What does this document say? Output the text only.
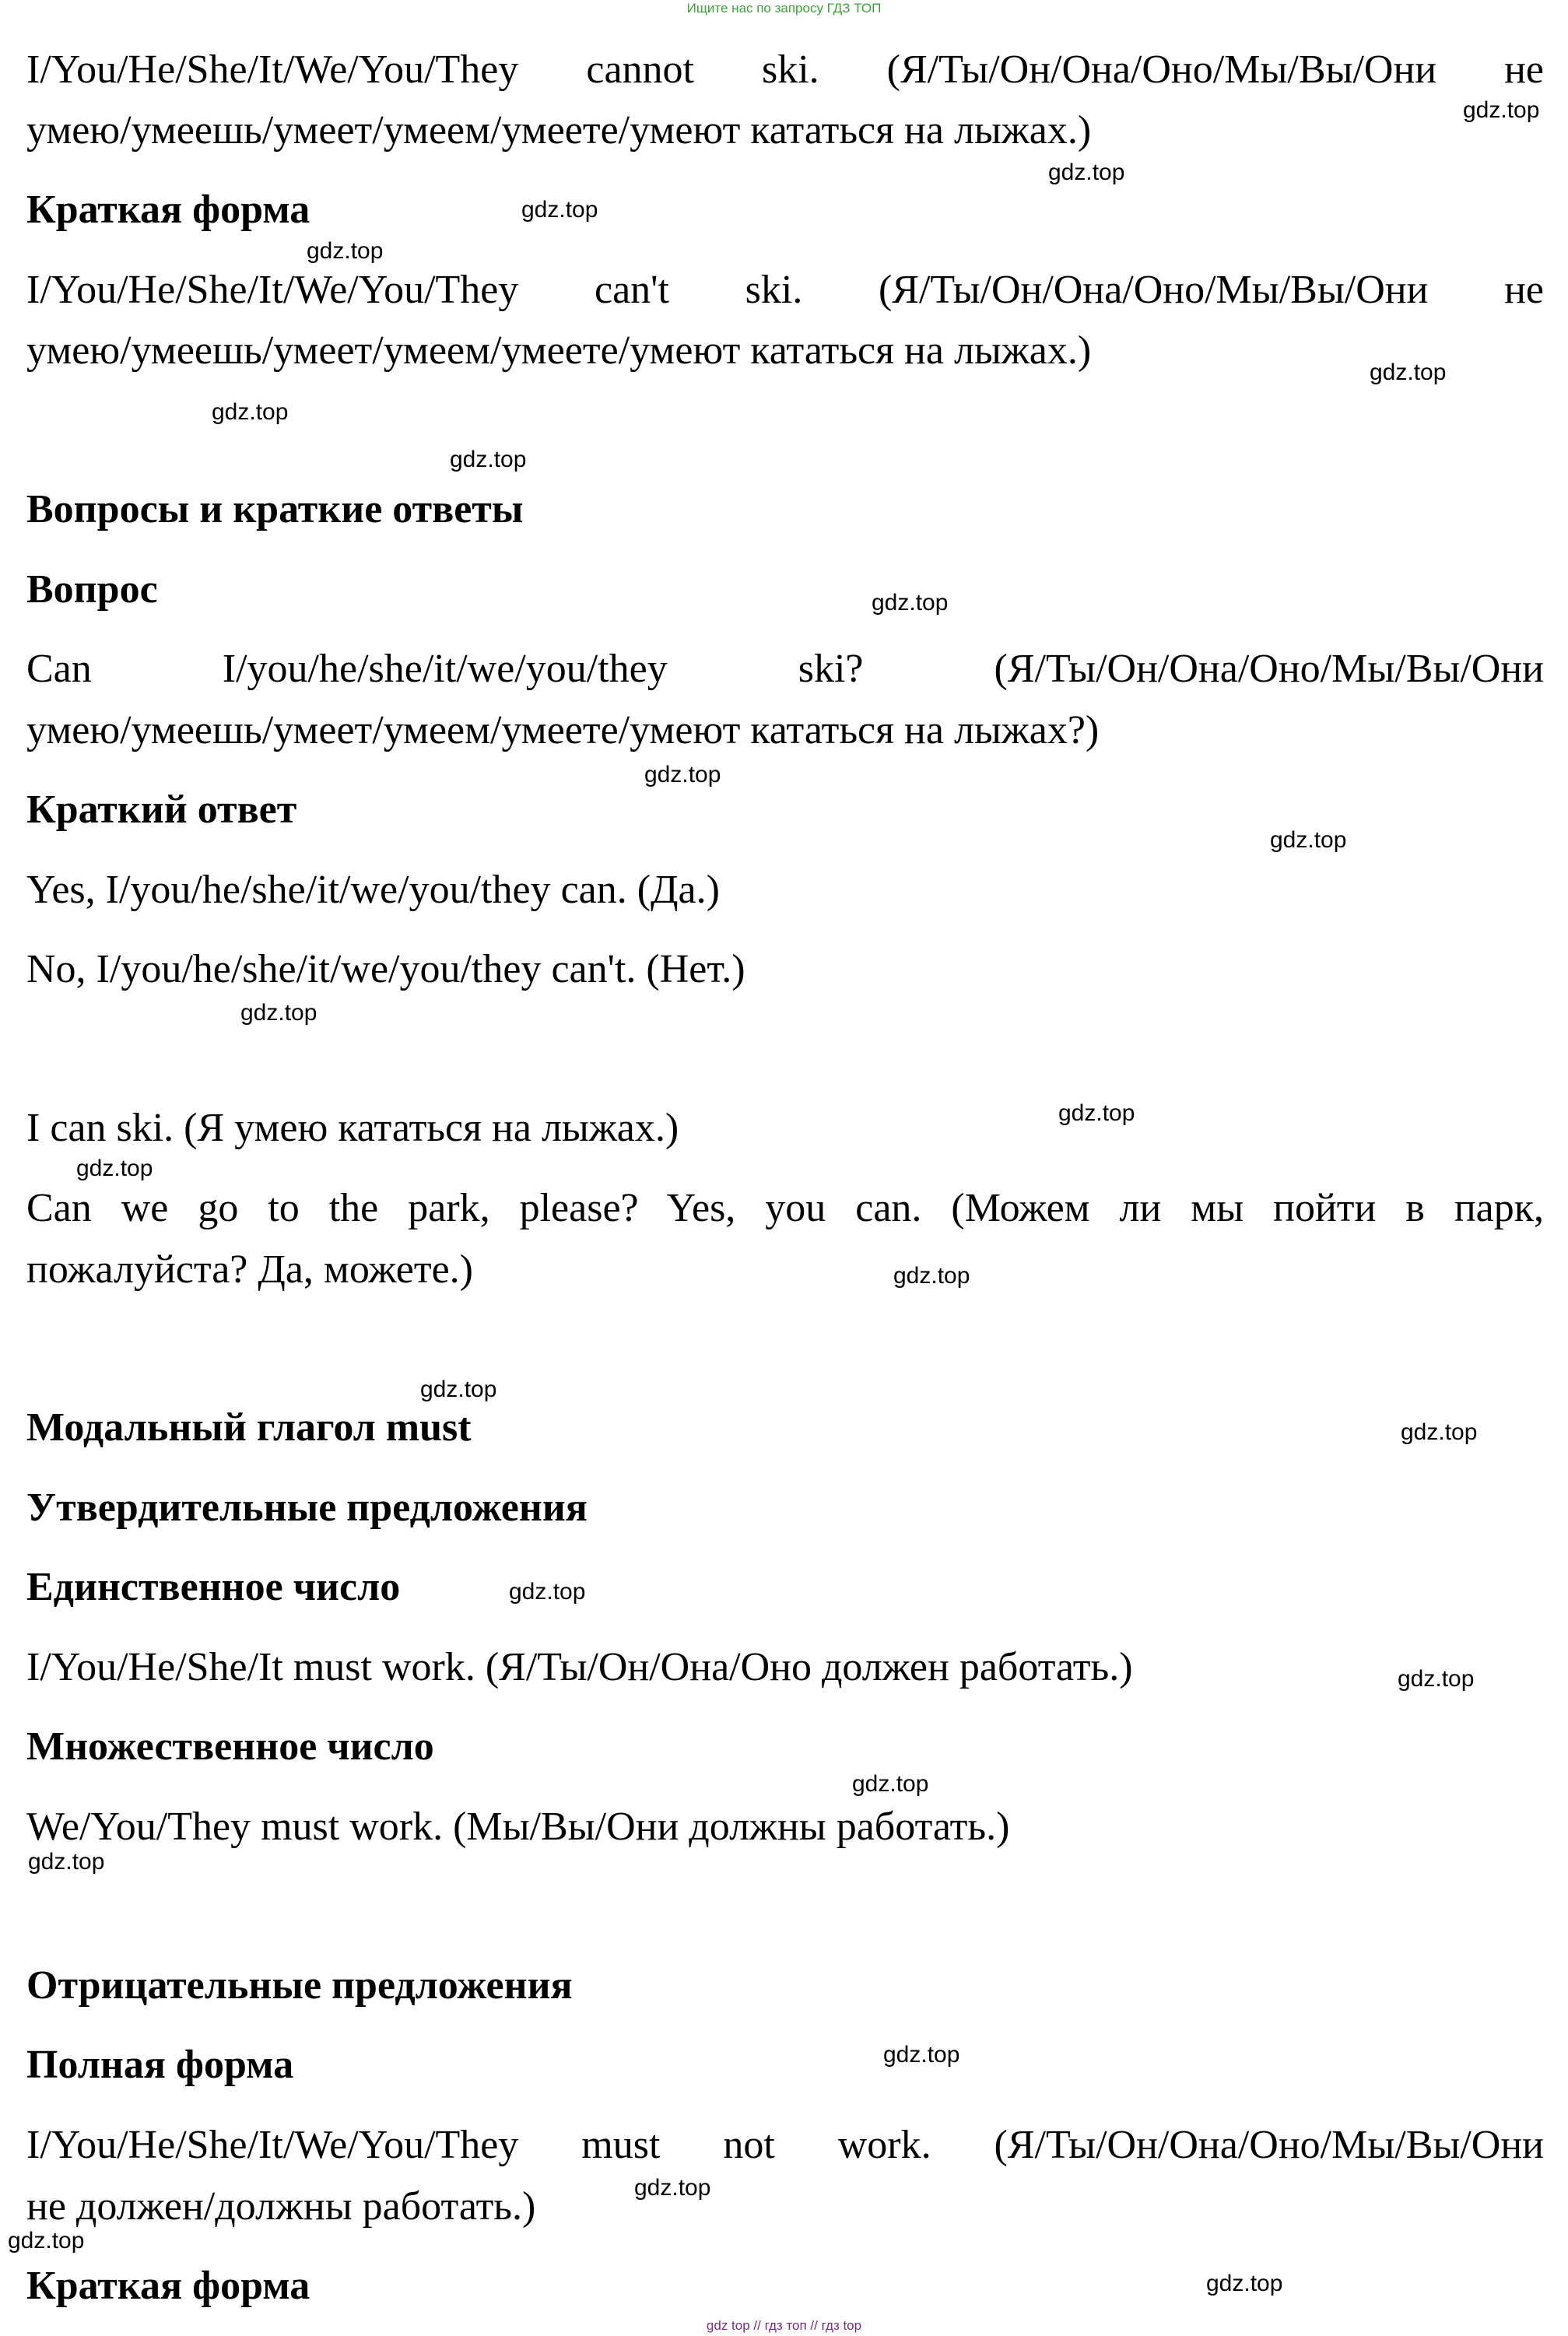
Ищите нас по запросу ГДЗ ТОП
I/You/He/She/It/We/You/They cannot ski. (Я/Ты/Он/Она/Оно/Мы/Вы/Они не
умею/умеешь/умеет/умеем/умеете/умеют кататься на лыжах.)
Краткая форма
I/You/He/She/It/We/You/They can't ski. (Я/Ты/Он/Она/Оно/Мы/Вы/Они не
умею/умеешь/умеет/умеем/умеете/умеют кататься на лыжах.)
Вопросы и краткие ответы
Вопрос
Can I/you/he/she/it/we/you/they ski? (Я/Ты/Он/Она/Оно/Мы/Вы/Они
умею/умеешь/умеет/умеем/умеете/умеют кататься на лыжах?)
Краткий ответ
Yes, I/you/he/she/it/we/you/they can. (Да.)
No, I/you/he/she/it/we/you/they can't. (Нет.)
I can ski. (Я умею кататься на лыжах.)
Can we go to the park, please? Yes, you can. (Можем ли мы пойти в парк,
пожалуйста? Да, можете.)
Модальный глагол must
Утвердительные предложения
Единственное число
I/You/He/She/It must work. (Я/Ты/Он/Она/Оно должен работать.)
Множественное число
We/You/They must work. (Мы/Вы/Они должны работать.)
Отрицательные предложения
Полная форма
I/You/He/She/It/We/You/They must not work. (Я/Ты/Он/Она/Оно/Мы/Вы/Они
не должен/должны работать.)
Краткая форма
gdz.top
gdz.top
gdz.top
gdz.top
gdz.top
gdz.top
gdz.top
gdz.top
gdz.top
gdz.top
gdz.top
gdz.top
gdz.top
gdz.top
gdz.top
gdz.top
gdz.top
gdz.top
gdz.top
gdz.top
gdz.top
gdz.top
gdz.top
gdz.top
gdz top // гдз топ // гдз top
